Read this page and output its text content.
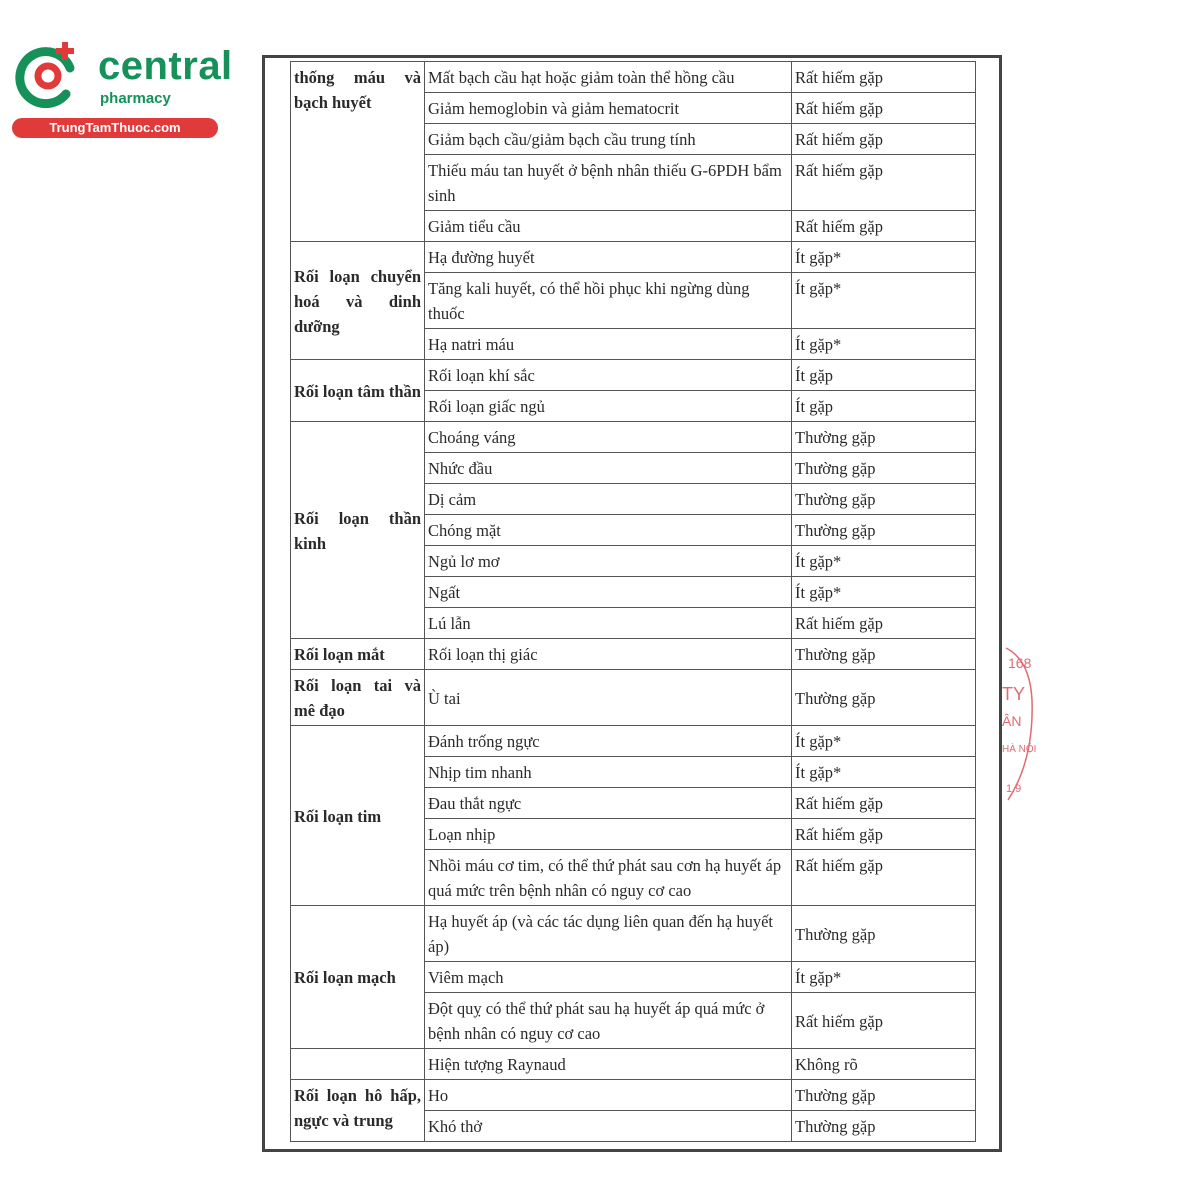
central
pharmacy
TrungTamThuoc.com
thống máu và bạch huyết	Mất bạch cầu hạt hoặc giảm toàn thể hồng cầu	Rất hiếm gặp
	Giảm hemoglobin và giảm hematocrit	Rất hiếm gặp
	Giảm bạch cầu/giảm bạch cầu trung tính	Rất hiếm gặp
	Thiếu máu tan huyết ở bệnh nhân thiếu G-6PDH bẩm sinh	Rất hiếm gặp
	Giảm tiểu cầu	Rất hiếm gặp
Rối loạn chuyển hoá và dinh dưỡng	Hạ đường huyết	Ít gặp*
	Tăng kali huyết, có thể hồi phục khi ngừng dùng thuốc	Ít gặp*
	Hạ natri máu	Ít gặp*
Rối loạn tâm thần	Rối loạn khí sắc	Ít gặp
	Rối loạn giấc ngủ	Ít gặp
Rối loạn thần kinh	Choáng váng	Thường gặp
	Nhức đầu	Thường gặp
	Dị cảm	Thường gặp
	Chóng mặt	Thường gặp
	Ngủ lơ mơ	Ít gặp*
	Ngất	Ít gặp*
	Lú lẫn	Rất hiếm gặp
Rối loạn mắt	Rối loạn thị giác	Thường gặp
Rối loạn tai và mê đạo	Ù tai	Thường gặp
Rối loạn tim	Đánh trống ngực	Ít gặp*
	Nhịp tim nhanh	Ít gặp*
	Đau thắt ngực	Rất hiếm gặp
	Loạn nhịp	Rất hiếm gặp
	Nhồi máu cơ tim, có thể thứ phát sau cơn hạ huyết áp quá mức trên bệnh nhân có nguy cơ cao	Rất hiếm gặp
Rối loạn mạch	Hạ huyết áp (và các tác dụng liên quan đến hạ huyết áp)	Thường gặp
	Viêm mạch	Ít gặp*
	Đột quỵ có thể thứ phát sau hạ huyết áp quá mức ở bệnh nhân có nguy cơ cao	Rất hiếm gặp
	Hiện tượng Raynaud	Không rõ
Rối loạn hô hấp, ngực và trung	Ho	Thường gặp
	Khó thở	Thường gặp
168
TY
ÂN
HÀ NỘI
1.9
